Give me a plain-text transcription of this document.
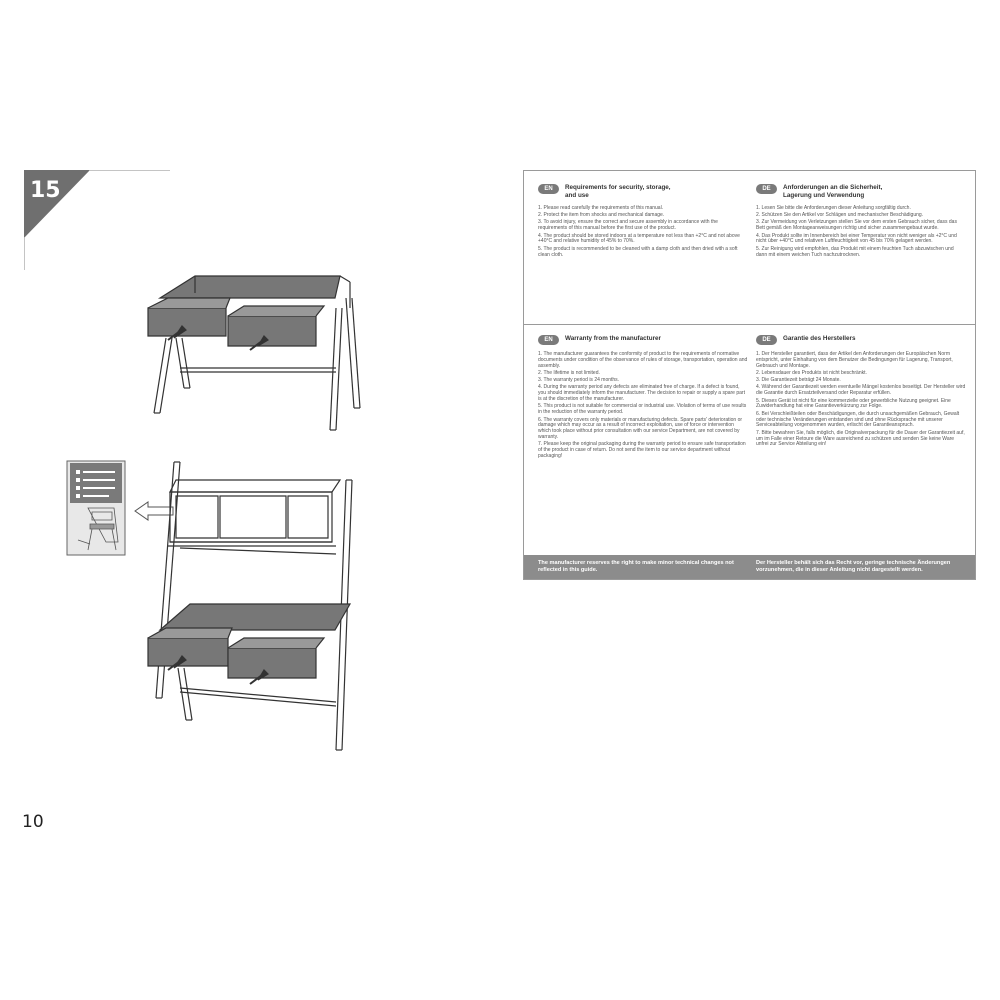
15
10
EN	Requirements for security, storage, and use

1. Please read carefully the requirements of this manual.

2. Protect the item from shocks and mechanical damage.

3. To avoid injury, ensure the correct and secure assembly in accordance with the requirements of this manual before the first use of the product.

4. The product should be stored indoors at a temperature not less than +2°C and not above +40°C and relative humidity of 45% to 70%.

5. The product is recommended to be cleaned with a damp cloth and then dried with a soft clean cloth.

DE	Anforderungen an die Sicherheit, Lagerung und Verwendung

1. Lesen Sie bitte die Anforderungen dieser Anleitung sorgfältig durch.

2. Schützen Sie den Artikel vor Schlägen und mechanischer Beschädigung.

3. Zur Vermeidung von Verletzungen stellen Sie vor dem ersten Gebrauch sicher, dass das Bett gemäß den Montageanweisungen richtig und sicher zusammengebaut wurde.

4. Das Produkt sollte im Innenbereich bei einer Temperatur von nicht weniger als +2°C und nicht über +40°C und relativen Luftfeuchtigkeit von 45 bis 70% gelagert werden.

5. Zur Reinigung wird empfohlen, das Produkt mit einem feuchten Tuch abzuwischen und dann mit einem weichen Tuch nachzutrocknen.

EN	Warranty from the manufacturer

1. The manufacturer guarantees the conformity of product to the requirements of normative documents under condition of the observance of rules of storage, transportation, operation and assembly.

2. The lifetime is not limited.

3. The warranty period is 24 months.

4. During the warranty period any defects are eliminated free of charge. If a defect is found, you should immediately inform the manufacturer. The decision to repair or supply a spare part is at the discretion of the manufacturer.

5. This product is not suitable for commercial or industrial use. Violation of terms of use results in the reduction of the warranty period.

6. The warranty covers only materials or manufacturing defects. Spare parts' deterioration or damage which may occur as a result of incorrect exploitation, use of force or intervention which took place without prior consultation with our service Department, are not covered by warranty.

7. Please keep the original packaging during the warranty period to ensure safe transportation of the product in case of return. Do not send the item to our service department without packaging!

DE	Garantie des Herstellers

1. Der Hersteller garantiert, dass der Artikel den Anforderungen der Europäischen Norm entspricht, unter Einhaltung von dem Benutzer die Bedingungen für Lagerung, Transport, Gebrauch und Montage.

2. Lebensdauer des Produkts ist nicht beschränkt.

3. Die Garantiezeit beträgt 24 Monate.

4. Während der Garantiezeit werden eventuelle Mängel kostenlos beseitigt. Der Hersteller wird die Garantie durch Ersatzteilversand oder Reparatur erfüllen.

5. Dieses Gerät ist nicht für eine kommerzielle oder gewerbliche Nutzung geeignet. Eine Zuwiderhandlung hat eine Garantieverkürzung zur Folge.

6. Bei Verschleißteilen oder Beschädigungen, die durch unsachgemäßen Gebrauch, Gewalt oder technische Veränderungen entstanden sind und ohne Rücksprache mit unserer Serviceabteilung vorgenommen wurden, erlischt der Garantieanspruch.

7. Bitte bewahren Sie, falls möglich, die Originalverpackung für die Dauer der Garantiezeit auf, um im Falle einer Retoure die Ware ausreichend zu schützen und senden Sie keine Ware unfrei zur Service Abteilung ein!

The manufacturer reserves the right to make minor technical changes not reflected in this guide.
Der Hersteller behält sich das Recht vor, geringe technische Änderungen vorzunehmen, die in dieser Anleitung nicht dargestellt werden.
